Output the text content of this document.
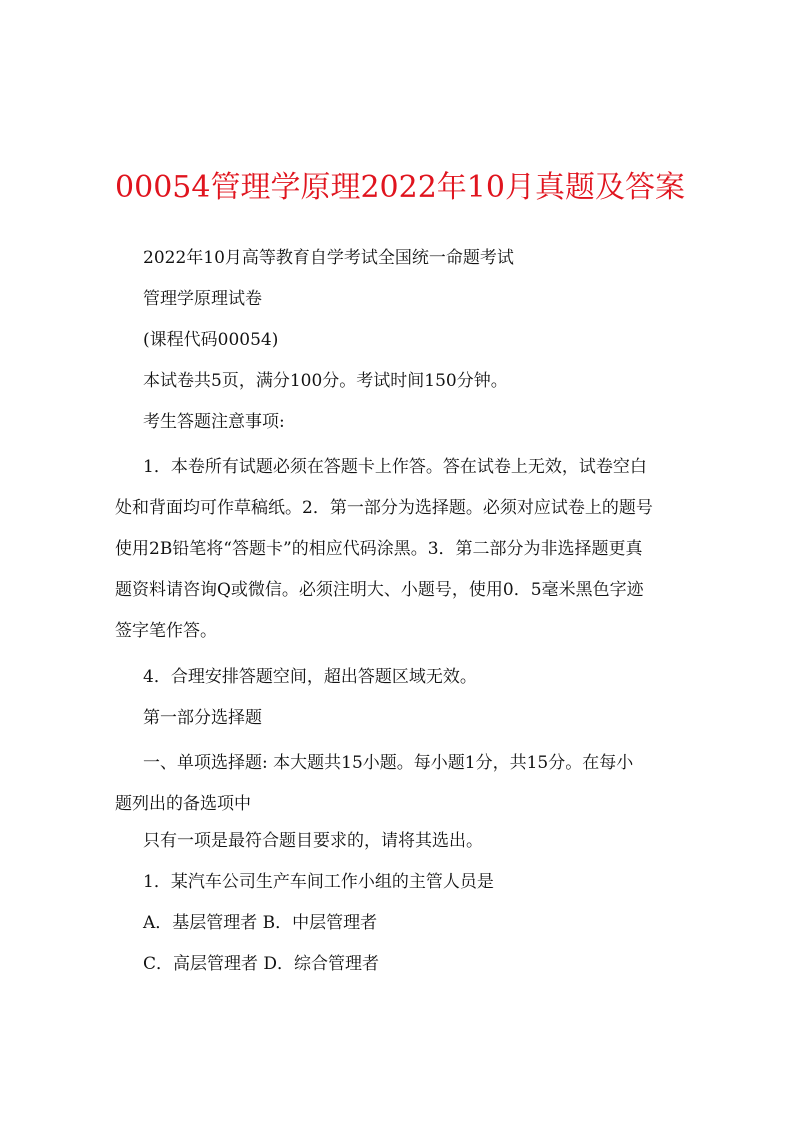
00054管理学原理2022年10月真题及答案

2022年10月高等教育自学考试全国统一命题考试

管理学原理试卷

(课程代码00054)

本试卷共5页，满分100分。考试时间150分钟。

考生答题注意事项:

1．本卷所有试题必须在答题卡上作答。答在试卷上无效，试卷空白

处和背面均可作草稿纸。2．第一部分为选择题。必须对应试卷上的题号

使用2B铅笔将“答题卡”的相应代码涂黑。3．第二部分为非选择题更真

题资料请咨询Q或微信。必须注明大、小题号，使用0．5毫米黑色字迹

签字笔作答。

4．合理安排答题空间，超出答题区域无效。

第一部分选择题

一、单项选择题: 本大题共15小题。每小题1分，共15分。在每小

题列出的备选项中

只有一项是最符合题目要求的，请将其选出。

1．某汽车公司生产车间工作小组的主管人员是

A．基层管理者 B．中层管理者

C．高层管理者 D．综合管理者
